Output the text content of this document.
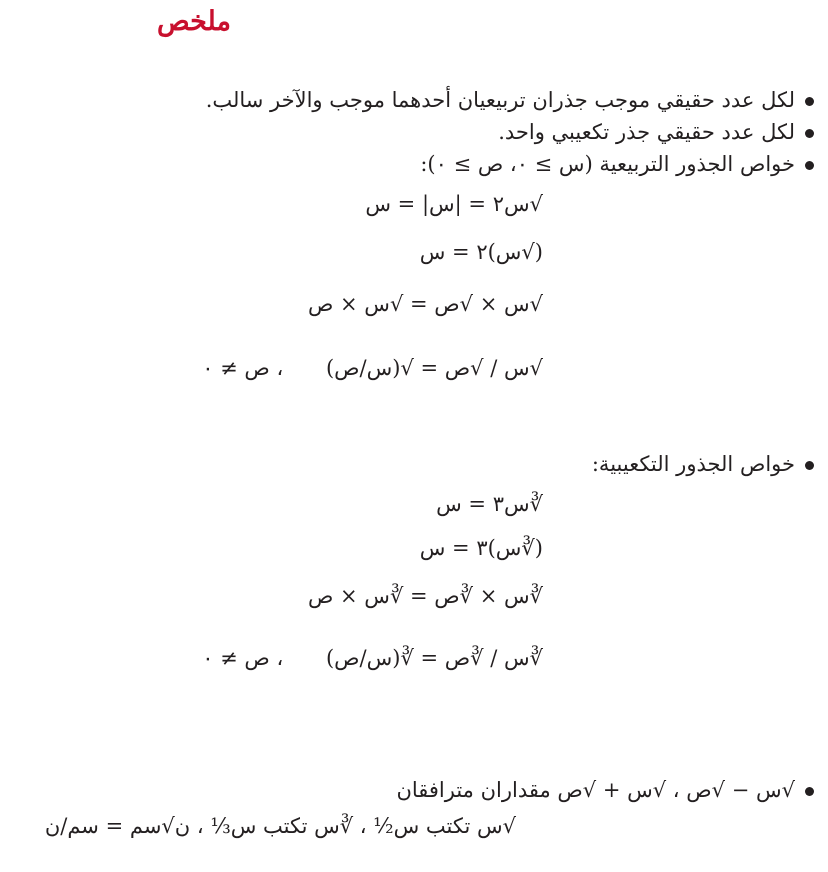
ملخص
لكل عدد حقيقي موجب جذران تربيعيان أحدهما موجب والآخر سالب.
لكل عدد حقيقي جذر تكعيبي واحد.
خواص الجذور التربيعية (س ≥ ٠، ص ≥ ٠):
√س٢ = |س| = س
(√س)٢ = س
√س × √ص = √س × ص
√س / √ص = √(س/ص) ، ص ≠ ٠
خواص الجذور التكعيبية:
∛س٣ = س
(∛س)٣ = س
∛س × ∛ص = ∛س × ص
∛س / ∛ص = ∛(س/ص) ، ص ≠ ٠
√س − √ص ، √س + √ص مقداران مترافقان
√س تكتب س½ ، ∛س تكتب س⅓ ، ن√سم = سم/ن
